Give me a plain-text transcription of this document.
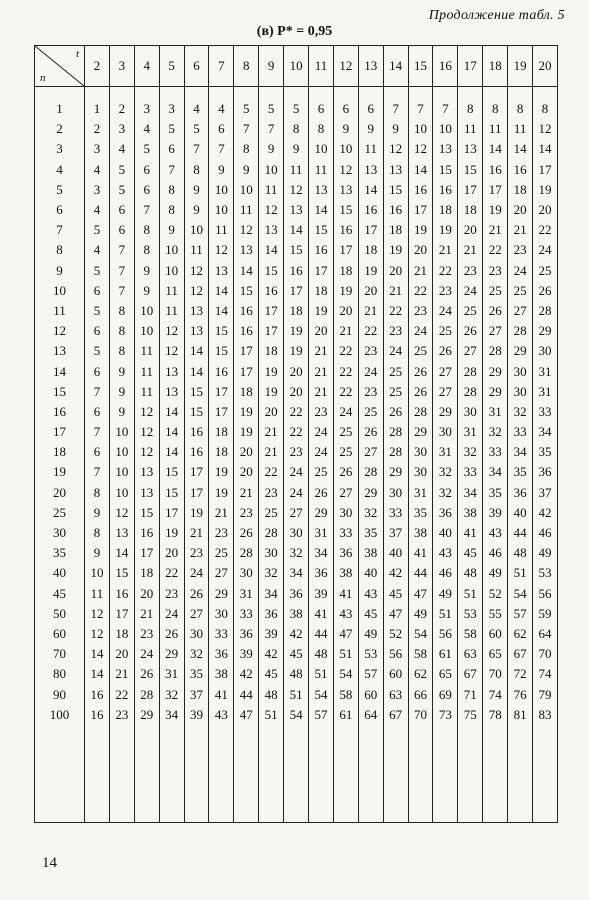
Продолжение табл. 5
(в) P* = 0,95
t
n	2	3	4	5	6	7	8	9	10	11	12	13	14	15	16	17	18	19	20

1	1	2	3	3	4	4	5	5	5	6	6	6	7	7	7	8	8	8	8
2	2	3	4	5	5	6	7	7	8	8	9	9	9	10	10	11	11	11	12
3	3	4	5	6	7	7	8	9	9	10	10	11	12	12	13	13	14	14	14
4	4	5	6	7	8	9	9	10	11	11	12	13	13	14	15	15	16	16	17
5	3	5	6	8	9	10	10	11	12	13	13	14	15	16	16	17	17	18	19
6	4	6	7	8	9	10	11	12	13	14	15	16	16	17	18	18	19	20	20
7	5	6	8	9	10	11	12	13	14	15	16	17	18	19	19	20	21	21	22
8	4	7	8	10	11	12	13	14	15	16	17	18	19	20	21	21	22	23	24
9	5	7	9	10	12	13	14	15	16	17	18	19	20	21	22	23	23	24	25
10	6	7	9	11	12	14	15	16	17	18	19	20	21	22	23	24	25	25	26
11	5	8	10	11	13	14	16	17	18	19	20	21	22	23	24	25	26	27	28
12	6	8	10	12	13	15	16	17	19	20	21	22	23	24	25	26	27	28	29
13	5	8	11	12	14	15	17	18	19	21	22	23	24	25	26	27	28	29	30
14	6	9	11	13	14	16	17	19	20	21	22	24	25	26	27	28	29	30	31
15	7	9	11	13	15	17	18	19	20	21	22	23	25	26	27	28	29	30	31
16	6	9	12	14	15	17	19	20	22	23	24	25	26	28	29	30	31	32	33
17	7	10	12	14	16	18	19	21	22	24	25	26	28	29	30	31	32	33	34
18	6	10	12	14	16	18	20	21	23	24	25	27	28	30	31	32	33	34	35
19	7	10	13	15	17	19	20	22	24	25	26	28	29	30	32	33	34	35	36
20	8	10	13	15	17	19	21	23	24	26	27	29	30	31	32	34	35	36	37
25	9	12	15	17	19	21	23	25	27	29	30	32	33	35	36	38	39	40	42
30	8	13	16	19	21	23	26	28	30	31	33	35	37	38	40	41	43	44	46
35	9	14	17	20	23	25	28	30	32	34	36	38	40	41	43	45	46	48	49
40	10	15	18	22	24	27	30	32	34	36	38	40	42	44	46	48	49	51	53
45	11	16	20	23	26	29	31	34	36	39	41	43	45	47	49	51	52	54	56
50	12	17	21	24	27	30	33	36	38	41	43	45	47	49	51	53	55	57	59
60	12	18	23	26	30	33	36	39	42	44	47	49	52	54	56	58	60	62	64
70	14	20	24	29	32	36	39	42	45	48	51	53	56	58	61	63	65	67	70
80	14	21	26	31	35	38	42	45	48	51	54	57	60	62	65	67	70	72	74
90	16	22	28	32	37	41	44	48	51	54	58	60	63	66	69	71	74	76	79
100	16	23	29	34	39	43	47	51	54	57	61	64	67	70	73	75	78	81	83

14
